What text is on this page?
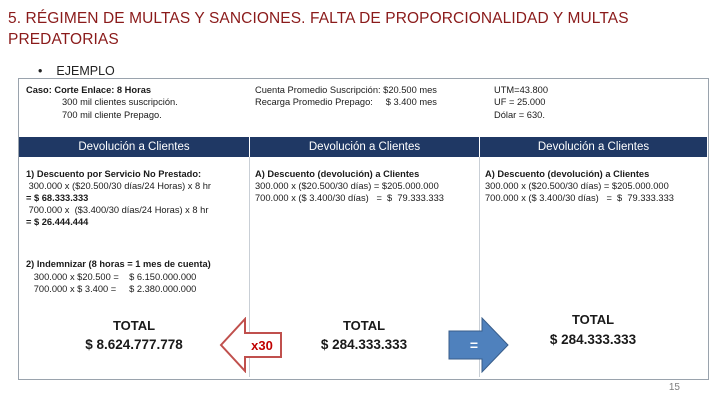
5. RÉGIMEN DE MULTAS Y SANCIONES. FALTA DE PROPORCIONALIDAD Y MULTAS PREDATORIAS
• EJEMPLO
Caso: Corte Enlace: 8 Horas
300 mil clientes suscripción.
700 mil cliente Prepago.
Cuenta Promedio Suscripción: $20.500 mes
Recarga Promedio Prepago:     $ 3.400 mes
UTM=43.800
UF = 25.000
Dólar = 630.
Devolución a Clientes	Devolución a Clientes	Devolución a Clientes
1) Descuento por Servicio No Prestado:
300.000 x ($20.500/30 días/24 Horas) x 8 hr
= $ 68.333.333
700.000 x  ($3.400/30 días/24 Horas) x 8 hr
= $ 26.444.444
2) Indemnizar (8 horas = 1 mes de cuenta)
300.000 x $20.500 =    $ 6.150.000.000
700.000 x $ 3.400 =     $ 2.380.000.000
TOTAL
$ 8.624.777.778
A) Descuento (devolución) a Clientes
300.000 x ($20.500/30 días) = $205.000.000
700.000 x ($ 3.400/30 días)   =  $  79.333.333
TOTAL
$ 284.333.333
A) Descuento (devolución) a Clientes
300.000 x ($20.500/30 días) = $205.000.000
700.000 x ($ 3.400/30 días)   =  $  79.333.333
TOTAL
$ 284.333.333
x30	=
15
